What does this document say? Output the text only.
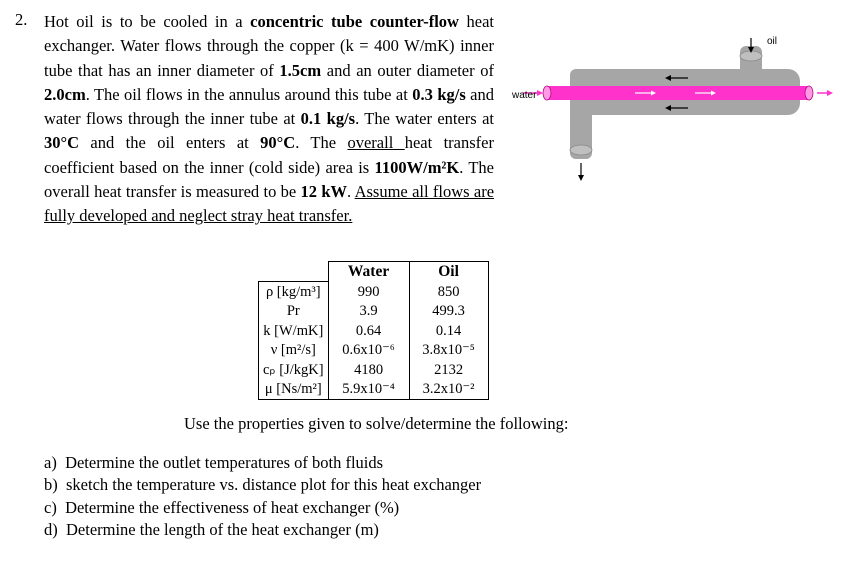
2. Hot oil is to be cooled in a concentric tube counter-flow heat exchanger. Water flows through the copper (k = 400 W/mK) inner tube that has an inner diameter of 1.5cm and an outer diameter of 2.0cm. The oil flows in the annulus around this tube at 0.3 kg/s and water flows through the inner tube at 0.1 kg/s. The water enters at 30°C and the oil enters at 90°C. The overall heat transfer coefficient based on the inner (cold side) area is 1100W/m²K. The overall heat transfer is measured to be 12 kW. Assume all flows are fully developed and neglect stray heat transfer.
water
oil
	Water	Oil
ρ [kg/m³]	990	850
Pr	3.9	499.3
k [W/mK]	0.64	0.14
ν [m²/s]	0.6x10⁻⁶	3.8x10⁻⁵
cₚ [J/kgK]	4180	2132
μ [Ns/m²]	5.9x10⁻⁴	3.2x10⁻²
Use the properties given to solve/determine the following:
a)  Determine the outlet temperatures of both fluids
b)  sketch the temperature vs. distance plot for this heat exchanger
c)  Determine the effectiveness of heat exchanger (%)
d)  Determine the length of the heat exchanger (m)
